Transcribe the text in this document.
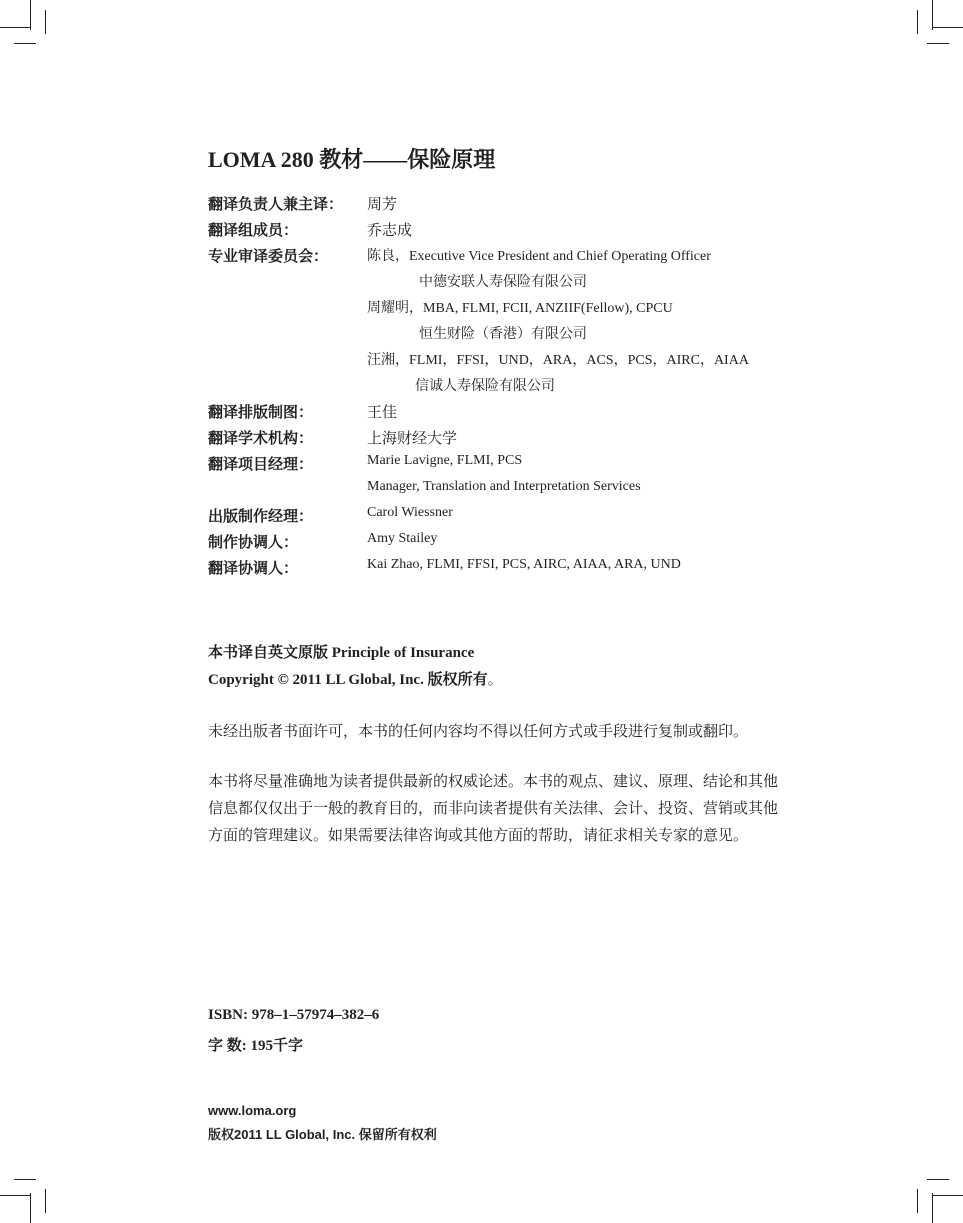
LOMA 280 教材——保险原理
翻译负责人兼主译： 周芳
翻译组成员：	乔志成
专业审译委员会：	陈良，Executive Vice President and Chief Operating Officer
中德安联人寿保险有限公司
周耀明，MBA, FLMI, FCII, ANZIIF(Fellow), CPCU
恒生财险（香港）有限公司
汪湘，FLMI，FFSI，UND，ARA，ACS，PCS，AIRC，AIAA
信诚人寿保险有限公司
翻译排版制图：	王佳
翻译学术机构：	上海财经大学
翻译项目经理：	Marie Lavigne, FLMI, PCS
Manager, Translation and Interpretation Services
出版制作经理：	Carol Wiessner
制作协调人：	Amy Stailey
翻译协调人：	Kai Zhao, FLMI, FFSI, PCS, AIRC, AIAA, ARA, UND
本书译自英文原版 Principle of Insurance
Copyright © 2011 LL Global, Inc. 版权所有。
未经出版者书面许可，本书的任何内容均不得以任何方式或手段进行复制或翻印。
本书将尽量准确地为读者提供最新的权威论述。本书的观点、建议、原理、结论和其他信息都仅仅出于一般的教育目的，而非向读者提供有关法律、会计、投资、营销或其他方面的管理建议。如果需要法律咨询或其他方面的帮助，请征求相关专家的意见。
ISBN: 978–1–57974–382–6
字 数: 195千字
www.loma.org
版权2011 LL Global, Inc. 保留所有权利
